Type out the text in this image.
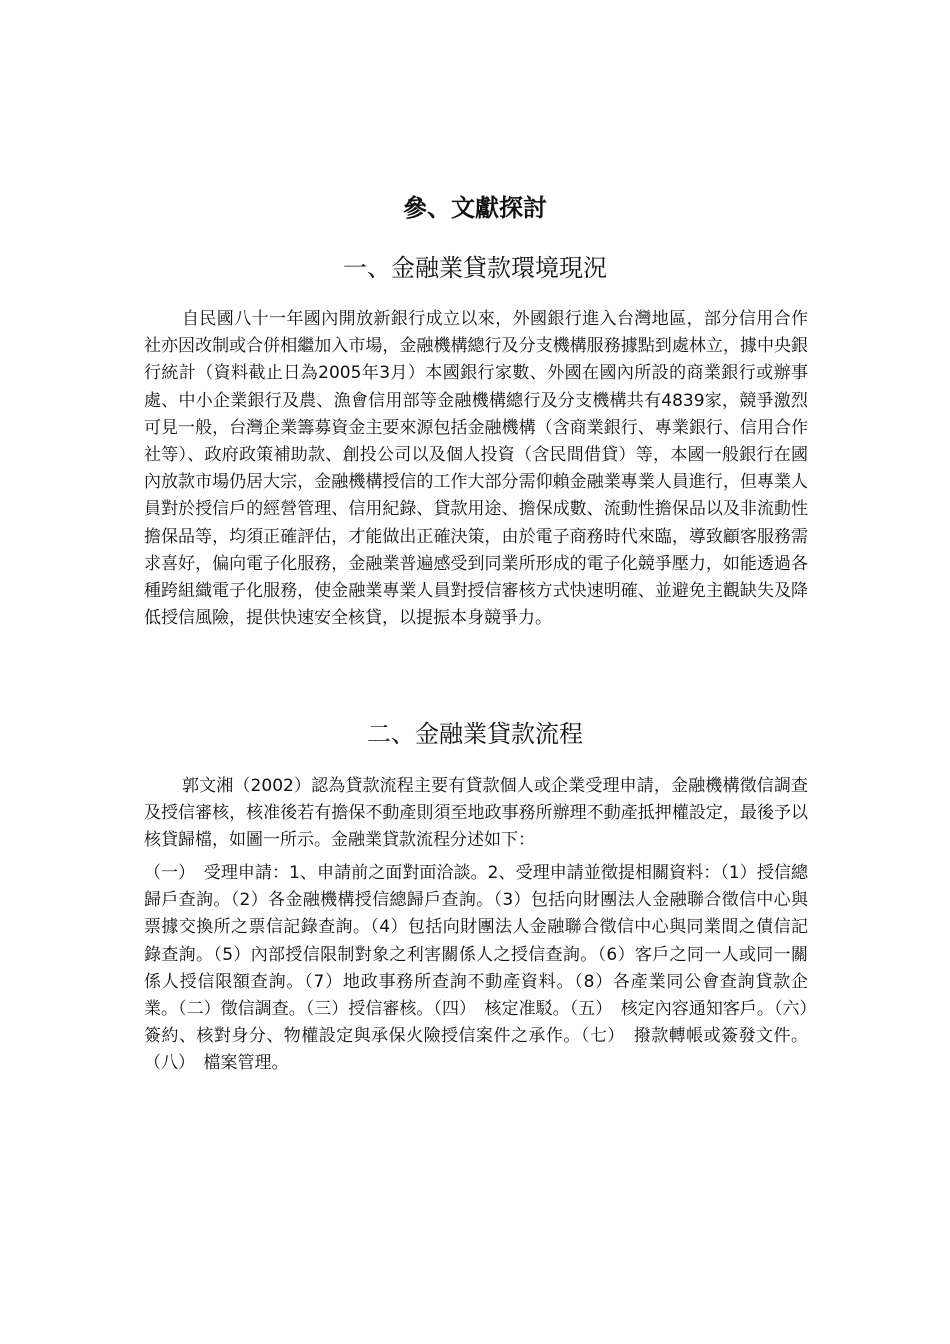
參、文獻探討
一、金融業貸款環境現況

自民國八十一年國內開放新銀行成立以來，外國銀行進入台灣地區，部分信用合作社亦因改制或合併相繼加入市場，金融機構總行及分支機構服務據點到處林立，據中央銀行統計（資料截止日為2005年3月）本國銀行家數、外國在國內所設的商業銀行或辦事處、中小企業銀行及農、漁會信用部等金融機構總行及分支機構共有4839家，競爭激烈可見一般，台灣企業籌募資金主要來源包括金融機構（含商業銀行、專業銀行、信用合作社等）、政府政策補助款、創投公司以及個人投資（含民間借貸）等，本國一般銀行在國內放款市場仍居大宗，金融機構授信的工作大部分需仰賴金融業專業人員進行，但專業人員對於授信戶的經營管理、信用紀錄、貸款用途、擔保成數、流動性擔保品以及非流動性擔保品等，均須正確評估，才能做出正確決策，由於電子商務時代來臨，導致顧客服務需求喜好，偏向電子化服務，金融業普遍感受到同業所形成的電子化競爭壓力，如能透過各種跨組織電子化服務，使金融業專業人員對授信審核方式快速明確、並避免主觀缺失及降低授信風險，提供快速安全核貸，以提振本身競爭力。

二、金融業貸款流程

郭文湘（2002）認為貸款流程主要有貸款個人或企業受理申請，金融機構徵信調查及授信審核，核准後若有擔保不動產則須至地政事務所辦理不動產抵押權設定，最後予以核貸歸檔，如圖一所示。金融業貸款流程分述如下：

（一）　受理申請：1、申請前之面對面洽談。2、受理申請並徵提相關資料：（1）授信總歸戶查詢。（2）各金融機構授信總歸戶查詢。（3）包括向財團法人金融聯合徵信中心與票據交換所之票信記錄查詢。（4）包括向財團法人金融聯合徵信中心與同業間之債信記錄查詢。（5）內部授信限制對象之利害關係人之授信查詢。（6）客戶之同一人或同一關係人授信限額查詢。（7）地政事務所查詢不動產資料。（8）各產業同公會查詢貸款企業。（二）徵信調查。（三）授信審核。（四）　核定准駁。（五）　核定內容通知客戶。（六）簽約、核對身分、物權設定與承保火險授信案件之承作。（七）　撥款轉帳或簽發文件。（八）　檔案管理。
